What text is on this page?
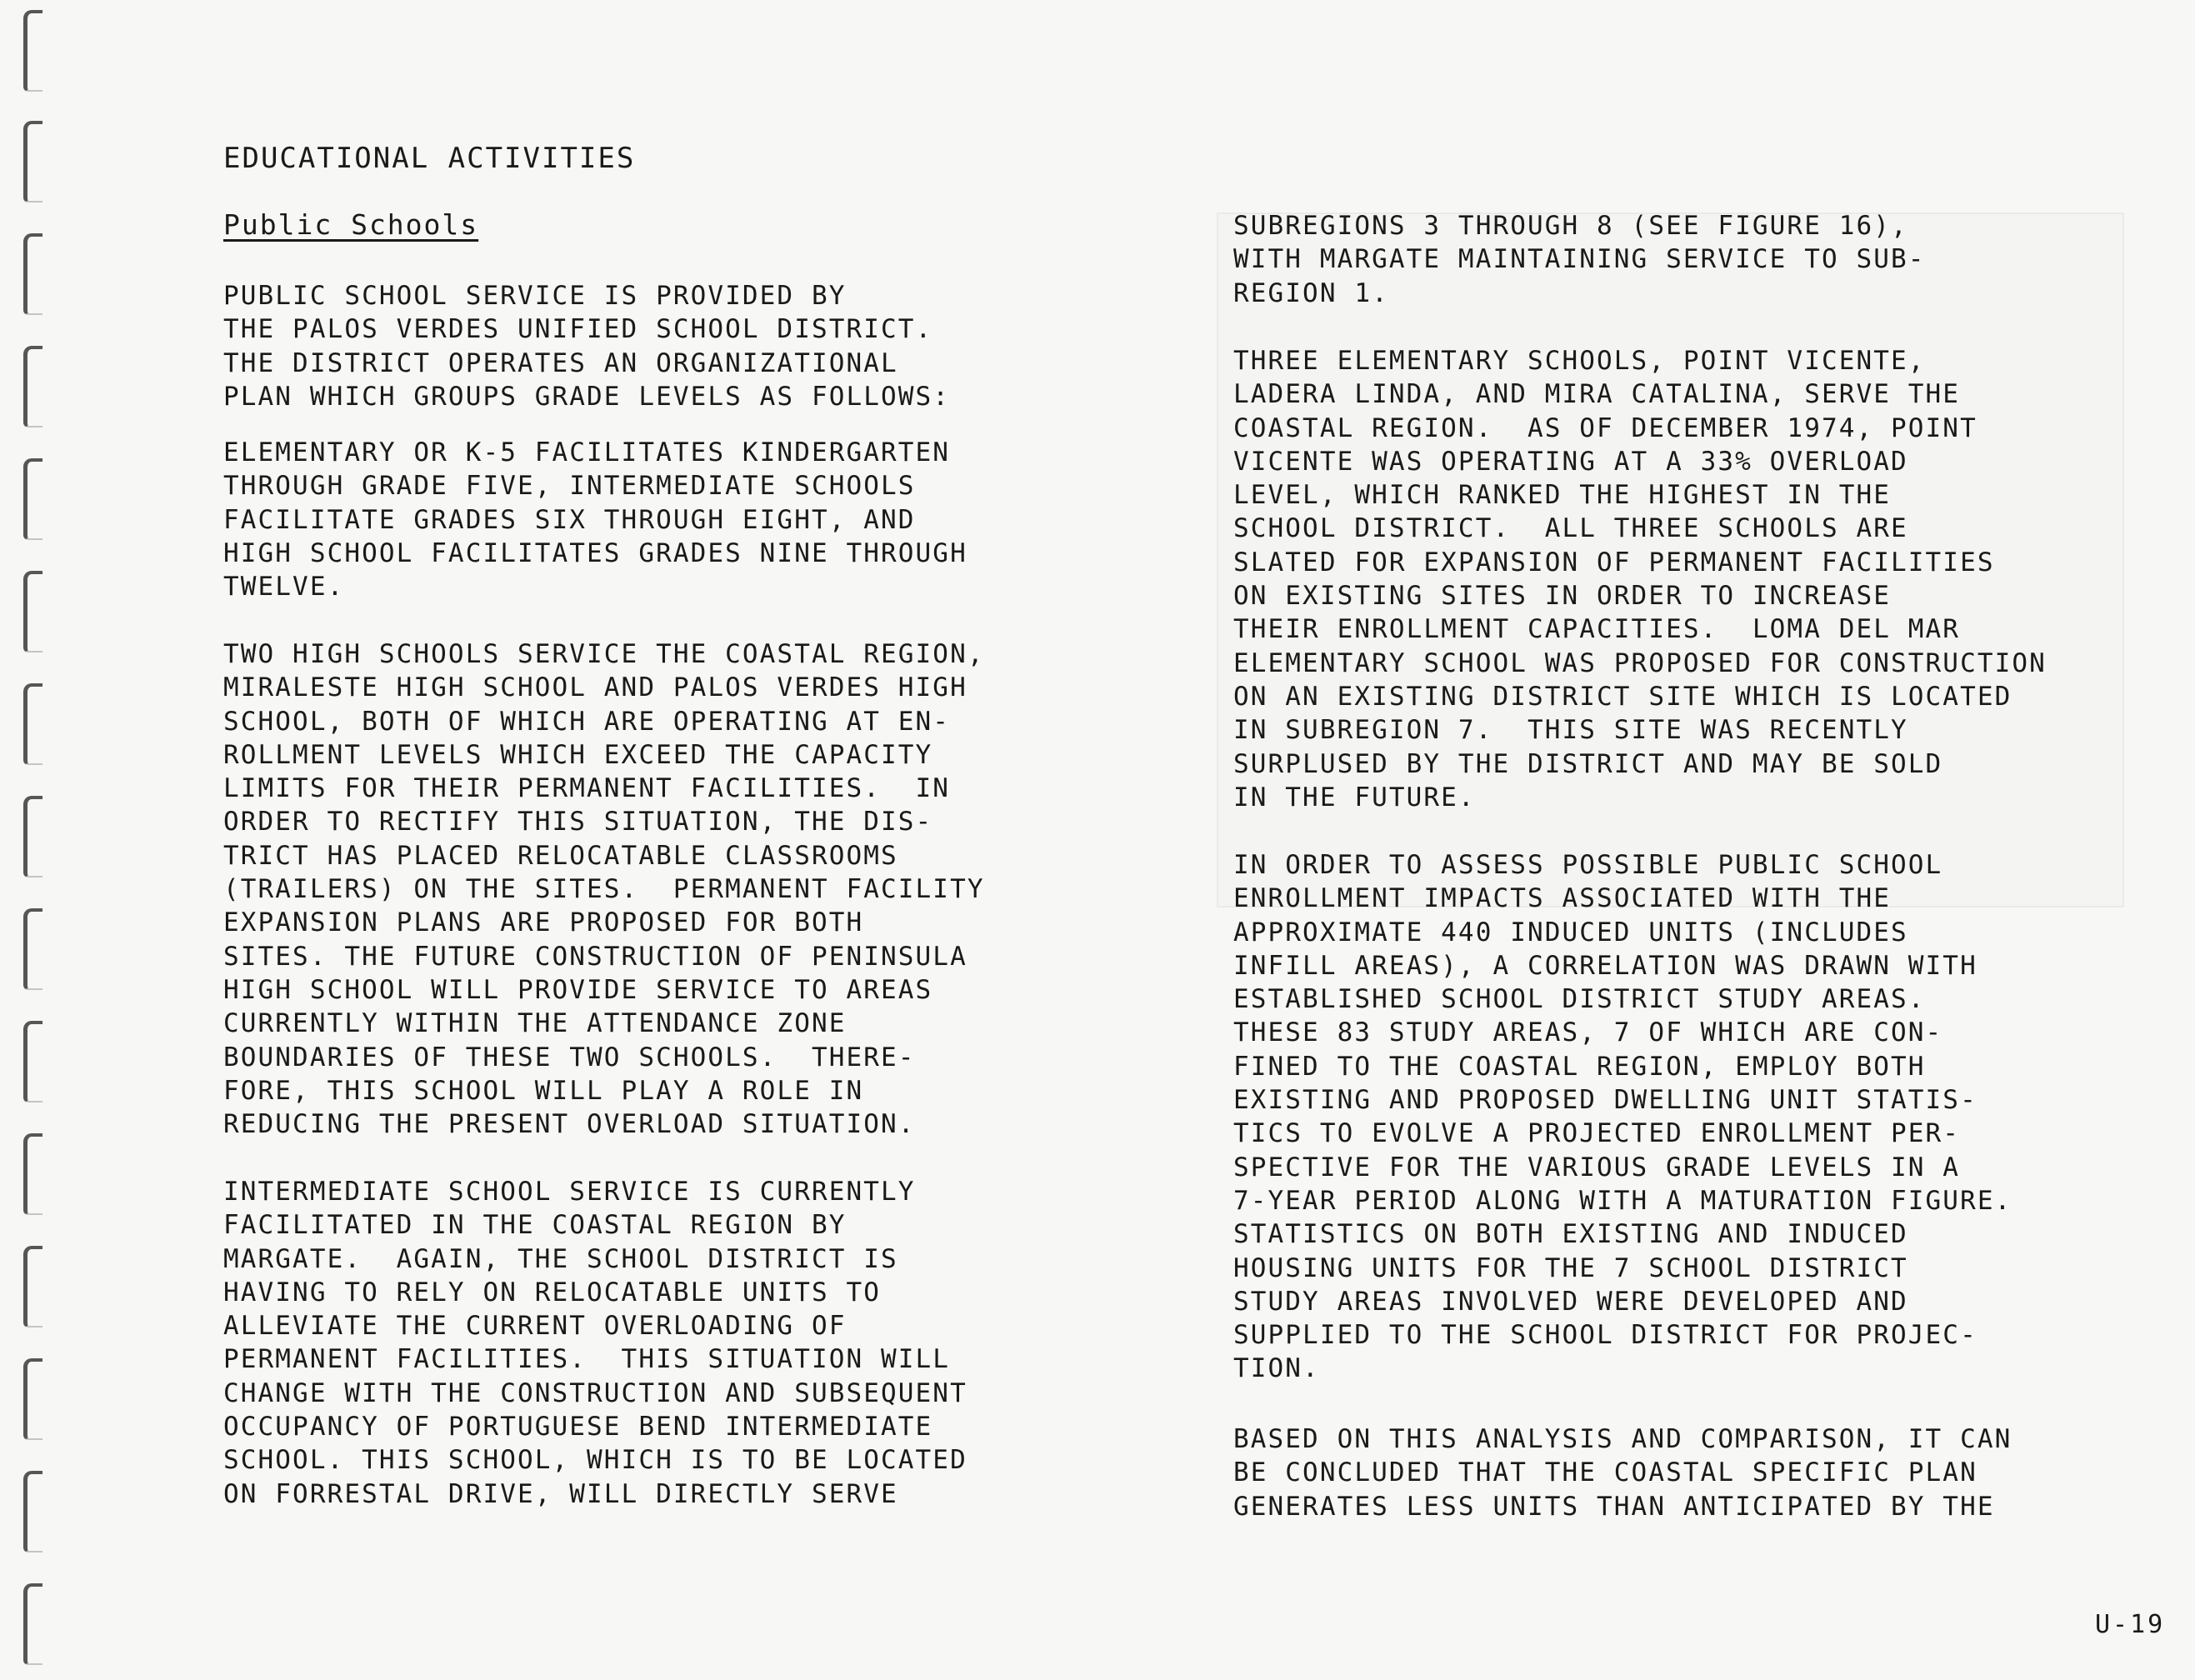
EDUCATIONAL ACTIVITIES
Public Schools

PUBLIC SCHOOL SERVICE IS PROVIDED BY
THE PALOS VERDES UNIFIED SCHOOL DISTRICT.
THE DISTRICT OPERATES AN ORGANIZATIONAL
PLAN WHICH GROUPS GRADE LEVELS AS FOLLOWS:

ELEMENTARY OR K-5 FACILITATES KINDERGARTEN
THROUGH GRADE FIVE, INTERMEDIATE SCHOOLS
FACILITATE GRADES SIX THROUGH EIGHT, AND
HIGH SCHOOL FACILITATES GRADES NINE THROUGH
TWELVE.

TWO HIGH SCHOOLS SERVICE THE COASTAL REGION,
MIRALESTE HIGH SCHOOL AND PALOS VERDES HIGH
SCHOOL, BOTH OF WHICH ARE OPERATING AT EN-
ROLLMENT LEVELS WHICH EXCEED THE CAPACITY
LIMITS FOR THEIR PERMANENT FACILITIES.  IN
ORDER TO RECTIFY THIS SITUATION, THE DIS-
TRICT HAS PLACED RELOCATABLE CLASSROOMS
(TRAILERS) ON THE SITES.  PERMANENT FACILITY
EXPANSION PLANS ARE PROPOSED FOR BOTH
SITES. THE FUTURE CONSTRUCTION OF PENINSULA
HIGH SCHOOL WILL PROVIDE SERVICE TO AREAS
CURRENTLY WITHIN THE ATTENDANCE ZONE
BOUNDARIES OF THESE TWO SCHOOLS.  THERE-
FORE, THIS SCHOOL WILL PLAY A ROLE IN
REDUCING THE PRESENT OVERLOAD SITUATION.

INTERMEDIATE SCHOOL SERVICE IS CURRENTLY
FACILITATED IN THE COASTAL REGION BY
MARGATE.  AGAIN, THE SCHOOL DISTRICT IS
HAVING TO RELY ON RELOCATABLE UNITS TO
ALLEVIATE THE CURRENT OVERLOADING OF
PERMANENT FACILITIES.  THIS SITUATION WILL
CHANGE WITH THE CONSTRUCTION AND SUBSEQUENT
OCCUPANCY OF PORTUGUESE BEND INTERMEDIATE
SCHOOL. THIS SCHOOL, WHICH IS TO BE LOCATED
ON FORRESTAL DRIVE, WILL DIRECTLY SERVE

SUBREGIONS 3 THROUGH 8 (SEE FIGURE 16),
WITH MARGATE MAINTAINING SERVICE TO SUB-
REGION 1.

THREE ELEMENTARY SCHOOLS, POINT VICENTE,
LADERA LINDA, AND MIRA CATALINA, SERVE THE
COASTAL REGION.  AS OF DECEMBER 1974, POINT
VICENTE WAS OPERATING AT A 33% OVERLOAD
LEVEL, WHICH RANKED THE HIGHEST IN THE
SCHOOL DISTRICT.  ALL THREE SCHOOLS ARE
SLATED FOR EXPANSION OF PERMANENT FACILITIES
ON EXISTING SITES IN ORDER TO INCREASE
THEIR ENROLLMENT CAPACITIES.  LOMA DEL MAR
ELEMENTARY SCHOOL WAS PROPOSED FOR CONSTRUCTION
ON AN EXISTING DISTRICT SITE WHICH IS LOCATED
IN SUBREGION 7.  THIS SITE WAS RECENTLY
SURPLUSED BY THE DISTRICT AND MAY BE SOLD
IN THE FUTURE.

IN ORDER TO ASSESS POSSIBLE PUBLIC SCHOOL
ENROLLMENT IMPACTS ASSOCIATED WITH THE
APPROXIMATE 440 INDUCED UNITS (INCLUDES
INFILL AREAS), A CORRELATION WAS DRAWN WITH
ESTABLISHED SCHOOL DISTRICT STUDY AREAS.
THESE 83 STUDY AREAS, 7 OF WHICH ARE CON-
FINED TO THE COASTAL REGION, EMPLOY BOTH
EXISTING AND PROPOSED DWELLING UNIT STATIS-
TICS TO EVOLVE A PROJECTED ENROLLMENT PER-
SPECTIVE FOR THE VARIOUS GRADE LEVELS IN A
7-YEAR PERIOD ALONG WITH A MATURATION FIGURE.
STATISTICS ON BOTH EXISTING AND INDUCED
HOUSING UNITS FOR THE 7 SCHOOL DISTRICT
STUDY AREAS INVOLVED WERE DEVELOPED AND
SUPPLIED TO THE SCHOOL DISTRICT FOR PROJEC-
TION.

BASED ON THIS ANALYSIS AND COMPARISON, IT CAN
BE CONCLUDED THAT THE COASTAL SPECIFIC PLAN
GENERATES LESS UNITS THAN ANTICIPATED BY THE

U-19
